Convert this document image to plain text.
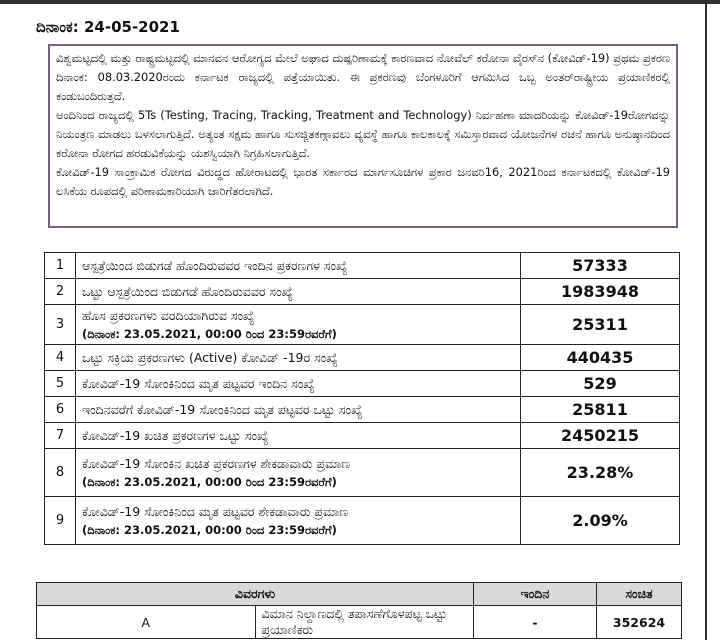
ದಿನಾಂಕ: 24-05-2021

ವಿಶ್ವಮಟ್ಟದಲ್ಲಿ ಮತ್ತು ರಾಷ್ಟ್ರಮಟ್ಟದಲ್ಲಿ ಮಾನವನ ಆರೋಗ್ಯದ ಮೇಲೆ ಅಘಾದ ದುಷ್ಪರಿಣಾಮಕ್ಕೆ ಕಾರಣವಾದ ನೋವೆಲ್ ಕರೋನಾ ವೈರಸ್‌ನ (ಕೋವಿಡ್-19) ಪ್ರಥಮ ಪ್ರಕರಣ ದಿನಾಂಕ: 08.03.2020ರಂದು ಕರ್ನಾಟಕ ರಾಜ್ಯದಲ್ಲಿ ಪತ್ತೆಯಾಯಿತು. ಈ ಪ್ರಕರಣವು ಬೆಂಗಳೂರಿಗೆ ಆಗಮಿಸಿದ ಒಬ್ಬ ಅಂತರ್‌ರಾಷ್ಟ್ರೀಯ ಪ್ರಯಾಣಿಕರಲ್ಲಿ ಕಂಡುಬಂದಿರುತ್ತದೆ.

ಅಂದಿನಿಂದ ರಾಜ್ಯದಲ್ಲಿ 5Ts (Testing, Tracing, Tracking, Treatment and Technology) ನಿರ್ವಹಣಾ ಮಾದರಿಯನ್ನು ಕೋವಿಡ್-19ರೋಗವನ್ನು ನಿಯಂತ್ರಣ ಮಾಡಲು ಬಳಸಲಾಗುತ್ತಿದೆ. ಅತ್ಯಂತ ಸಕ್ಷಮ ಹಾಗೂ ಸುಸಜ್ಜಿತಕಣ್ಗಾವಲು ವ್ಯವಸ್ಥೆ ಹಾಗೂ ಕಾಲಕಾಲಕ್ಕೆ ಸಮಿಸ್ತಾರವಾದ ಯೋಜನೆಗಳ ರಚನೆ ಹಾಗೂ ಅನುಷ್ಠಾನದಿಂದ ಕರೋನಾ ರೋಗದ ಹರಡುವಿಕೆಯನ್ನು ಯಶಸ್ವಿಯಾಗಿ ನಿಗ್ರಹಿಸಲಾಗುತ್ತಿದೆ.

ಕೋವಿಡ್-19 ಸಾಂಕ್ರಾಮಿಕ ರೋಗದ ವಿರುದ್ಧದ ಹೋರಾಟದಲ್ಲಿ ಭಾರತ ಸರ್ಕಾರದ ಮಾರ್ಗಸೂಚಿಗಳ ಪ್ರಕಾರ ಜನವರಿ16, 2021ರಿಂದ ಕರ್ನಾಟಕದಲ್ಲಿ ಕೋವಿಡ್-19 ಲಸಿಕೆಯ ರೂಪದಲ್ಲಿ ಪರಿಣಾಮಕಾರಿಯಾಗಿ ಜಾರಿಗೆತರಲಾಗಿದೆ.

1	ಆಸ್ಪತ್ರೆಯಿಂದ ಬಿಡುಗಡೆ ಹೊಂದಿರುವವರ ಇಂದಿನ ಪ್ರಕರಣಗಳ ಸಂಖ್ಯೆ	57333
2	ಒಟ್ಟು ಆಸ್ಪತ್ರೆಯಿಂದ ಬಿಡುಗಡೆ ಹೊಂದಿರುವವರ ಸಂಖ್ಯೆ	1983948
3	ಹೊಸ ಪ್ರಕರಣಗಳು ವರದಿಯಾಗಿರುವ ಸಂಖ್ಯೆ
(ದಿನಾಂಕ: 23.05.2021, 00:00 ರಿಂದ 23:59ರವರೆಗೆ)	25311
4	ಒಟ್ಟು ಸಕ್ರಿಯ ಪ್ರಕರಣಗಳು (Active) ಕೋವಿಡ್ -19ರ ಸಂಖ್ಯೆ	440435
5	ಕೋವಿಡ್-19 ಸೋಂಕಿನಿಂದ ಮೃತ ಪಟ್ಟವರ ಇಂದಿನ ಸಂಖ್ಯೆ	529
6	ಇಂದಿನವರೆಗೆ ಕೋವಿಡ್-19 ಸೋಂಕಿನಿಂದ ಮೃತ ಪಟ್ಟವರ ಒಟ್ಟು ಸಂಖ್ಯೆ	25811
7	ಕೋವಿಡ್-19 ಖಚಿತ ಪ್ರಕರಣಗಳ ಒಟ್ಟು ಸಂಖ್ಯೆ	2450215
8	ಕೋವಿಡ್-19 ಸೋಂಕಿನ ಖಚಿತ ಪ್ರಕರಣಗಳ ಶೇಕಡಾವಾರು ಪ್ರಮಾಣ
(ದಿನಾಂಕ: 23.05.2021, 00:00 ರಿಂದ 23:59ರವರೆಗೆ)	23.28%
9	ಕೋವಿಡ್-19 ಸೋಂಕಿನಿಂದ ಮೃತ ಪಟ್ಟವರ ಶೇಕಡಾವಾರು ಪ್ರಮಾಣ
(ದಿನಾಂಕ: 23.05.2021, 00:00 ರಿಂದ 23:59ರವರೆಗೆ)	2.09%
ವಿವರಗಳು		ಇಂದಿನ	ಸಂಚಿತ
A	ವಿಮಾನ ನಿಲ್ದಾಣದಲ್ಲಿ ತಪಾಸಣೆಗೊಳಪಟ್ಟ ಒಟ್ಟು ಪ್ರಯಾಣಿಕರು	-	352624
